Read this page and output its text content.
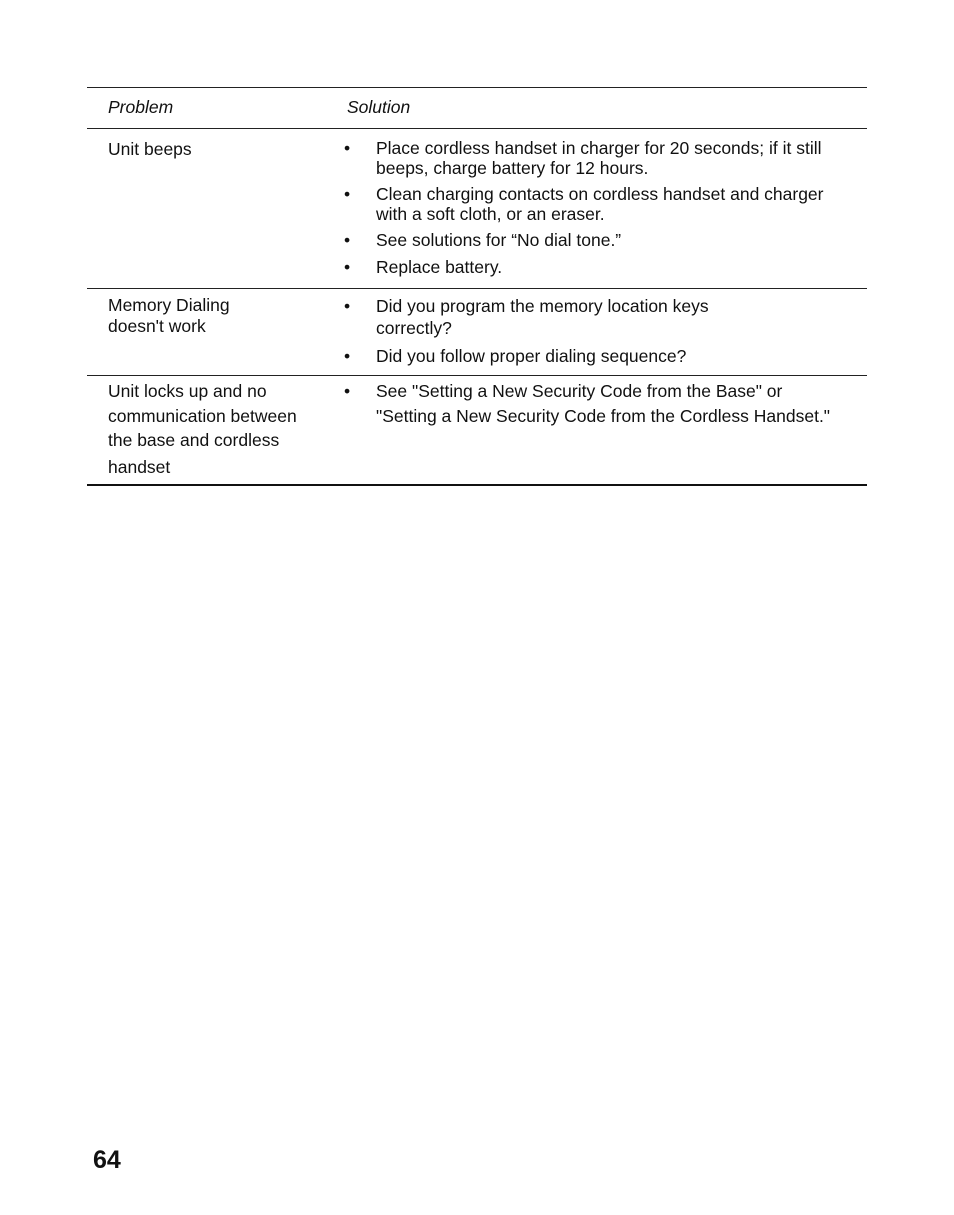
Problem	Solution
Unit beeps	• Place cordless handset in charger for 20 seconds; if it still
beeps, charge battery for 12 hours.
• Clean charging contacts on cordless handset and charger
with a soft cloth, or an eraser.
• See solutions for “No dial tone.”
• Replace battery.
Memory Dialing
doesn't work
• Did you program the memory location keys
correctly?
• Did you follow proper dialing sequence?
Unit locks up and no
communication between
the base and cordless
handset
• See "Setting a New Security Code from the Base" or
"Setting a New Security Code from the Cordless Handset."
64
